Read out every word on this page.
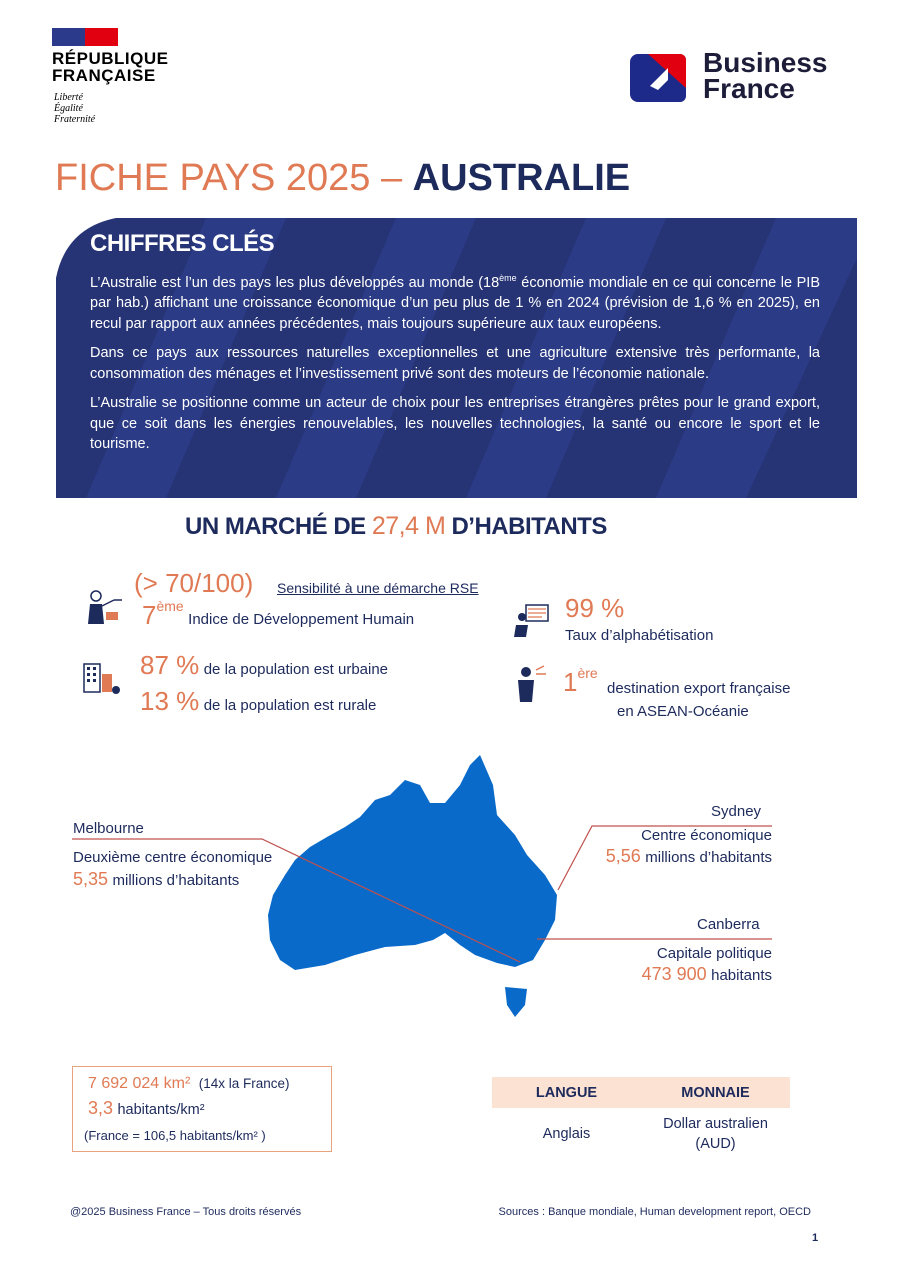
RÉPUBLIQUE
FRANÇAISE
Liberté
Égalité
Fraternité
Business
France
FICHE PAYS 2025 – AUSTRALIE
CHIFFRES CLÉS

L’Australie est l’un des pays les plus développés au monde (18ème économie mondiale en ce qui concerne le PIB par hab.) affichant une croissance économique d’un peu plus de 1 % en 2024 (prévision de 1,6 % en 2025), en recul par rapport aux années précédentes, mais toujours supérieure aux taux européens.

Dans ce pays aux ressources naturelles exceptionnelles et une agriculture extensive très performante, la consommation des ménages et l’investissement privé sont des moteurs de l’économie nationale.

L’Australie se positionne comme un acteur de choix pour les entreprises étrangères prêtes pour le grand export, que ce soit dans les énergies renouvelables, les nouvelles technologies, la santé ou encore le sport et le tourisme.

UN MARCHÉ DE 27,4 M D’HABITANTS
(> 70/100) Sensibilité à une démarche RSE
7ème Indice de Développement Humain	99 %
Taux d’alphabétisation
87 % de la population est urbaine
13 % de la population est rurale
1ère
destination export française
en ASEAN-Océanie
Melbourne
Deuxième centre économique
5,35 millions d’habitants
Sydney
Centre économique
5,56 millions d’habitants
Canberra
Capitale politique
473 900 habitants
7 692 024 km² (14x la France)
3,3 habitants/km²
(France = 106,5 habitants/km² )
LANGUE	MONNAIE
Anglais
Dollar australien
(AUD)
@2025 Business France – Tous droits réservés	Sources : Banque mondiale, Human development report, OECD
1
